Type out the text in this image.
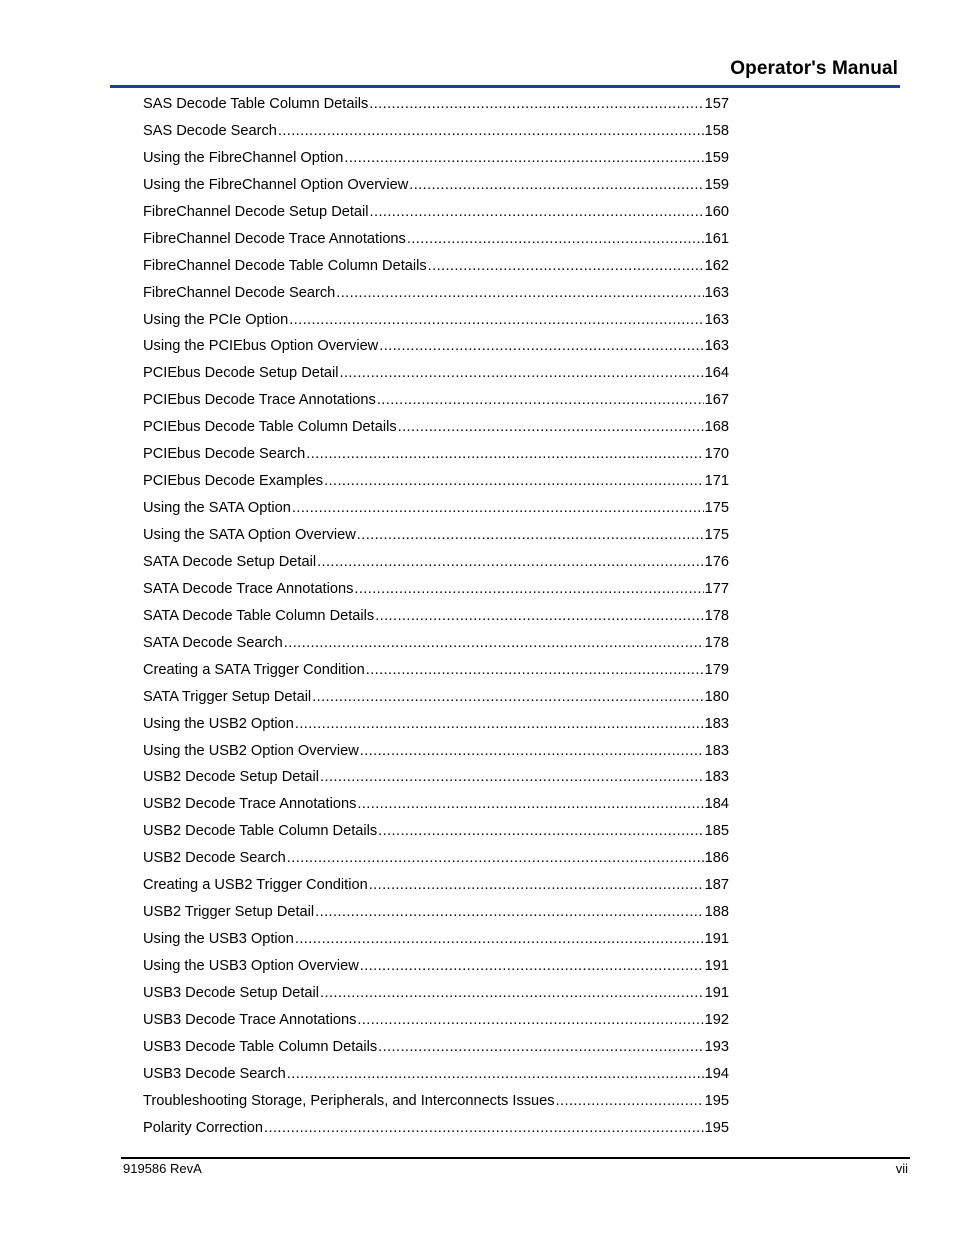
Operator's Manual
SAS Decode Table Column Details .....	157
SAS Decode Search .....	158
Using the FibreChannel Option .....	159
Using the FibreChannel Option Overview .....	159
FibreChannel Decode Setup Detail .....	160
FibreChannel Decode Trace Annotations .....	161
FibreChannel Decode Table Column Details .....	162
FibreChannel Decode Search .....	163
Using the PCIe Option .....	163
Using the PCIEbus Option Overview .....	163
PCIEbus Decode Setup Detail .....	164
PCIEbus Decode Trace Annotations .....	167
PCIEbus Decode Table Column Details .....	168
PCIEbus Decode Search .....	170
PCIEbus Decode Examples .....	171
Using the SATA Option .....	175
Using the SATA Option Overview .....	175
SATA Decode Setup Detail .....	176
SATA Decode Trace Annotations .....	177
SATA Decode Table Column Details .....	178
SATA Decode Search .....	178
Creating a SATA Trigger Condition .....	179
SATA Trigger Setup Detail .....	180
Using the USB2 Option .....	183
Using the USB2 Option Overview .....	183
USB2 Decode Setup Detail .....	183
USB2 Decode Trace Annotations .....	184
USB2 Decode Table Column Details .....	185
USB2 Decode Search .....	186
Creating a USB2 Trigger Condition .....	187
USB2 Trigger Setup Detail .....	188
Using the USB3 Option .....	191
Using the USB3 Option Overview .....	191
USB3 Decode Setup Detail .....	191
USB3 Decode Trace Annotations .....	192
USB3 Decode Table Column Details .....	193
USB3 Decode Search .....	194
Troubleshooting Storage, Peripherals, and Interconnects Issues .....	195
Polarity Correction .....	195
919586 RevA	vii
